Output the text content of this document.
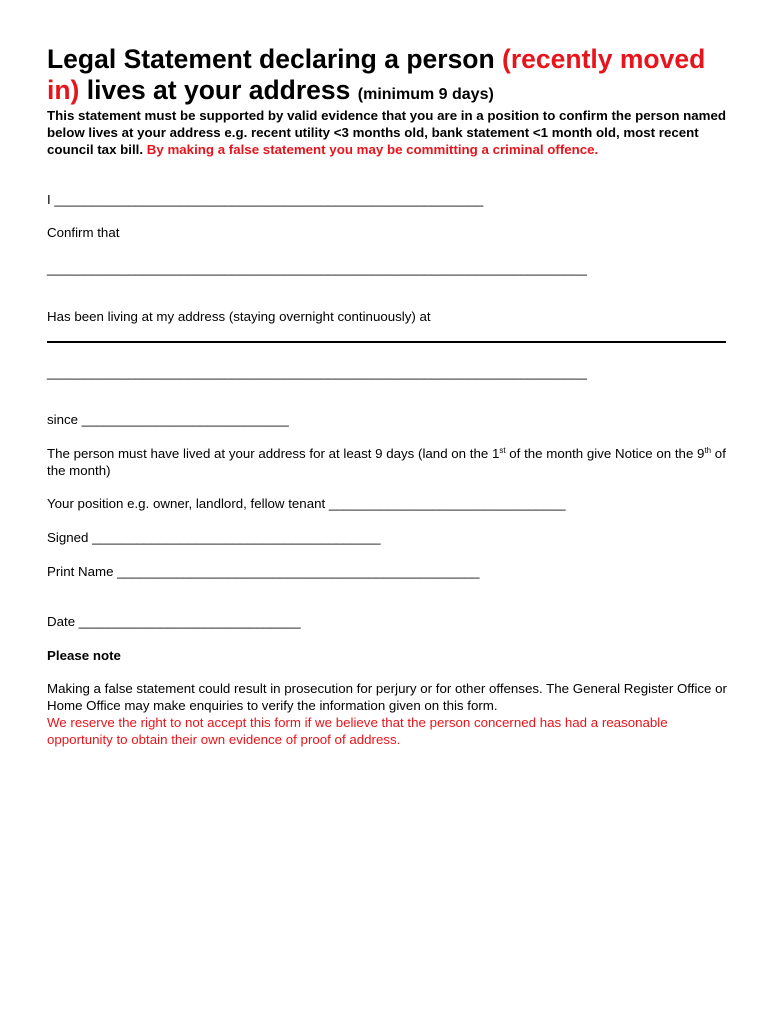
Legal Statement declaring a person (recently moved in) lives at your address (minimum 9 days)

This statement must be supported by valid evidence that you are in a position to confirm the person named below lives at your address e.g. recent utility <3 months old, bank statement <1 month old, most recent council tax bill. By making a false statement you may be committing a criminal offence.

I __________________________________________________________

Confirm that

_________________________________________________________________________

Has been living at my address (staying overnight continuously) at

_________________________________________________________________________

since ____________________________

The person must have lived at your address for at least 9 days (land on the 1st of the month give Notice on the 9th of the month)

Your position e.g. owner, landlord, fellow tenant ________________________________

Signed _______________________________________

Print Name _________________________________________________

Date ______________________________

Please note

Making a false statement could result in prosecution for perjury or for other offenses. The General Register Office or Home Office may make enquiries to verify the information given on this form.
We reserve the right to not accept this form if we believe that the person concerned has had a reasonable opportunity to obtain their own evidence of proof of address.
